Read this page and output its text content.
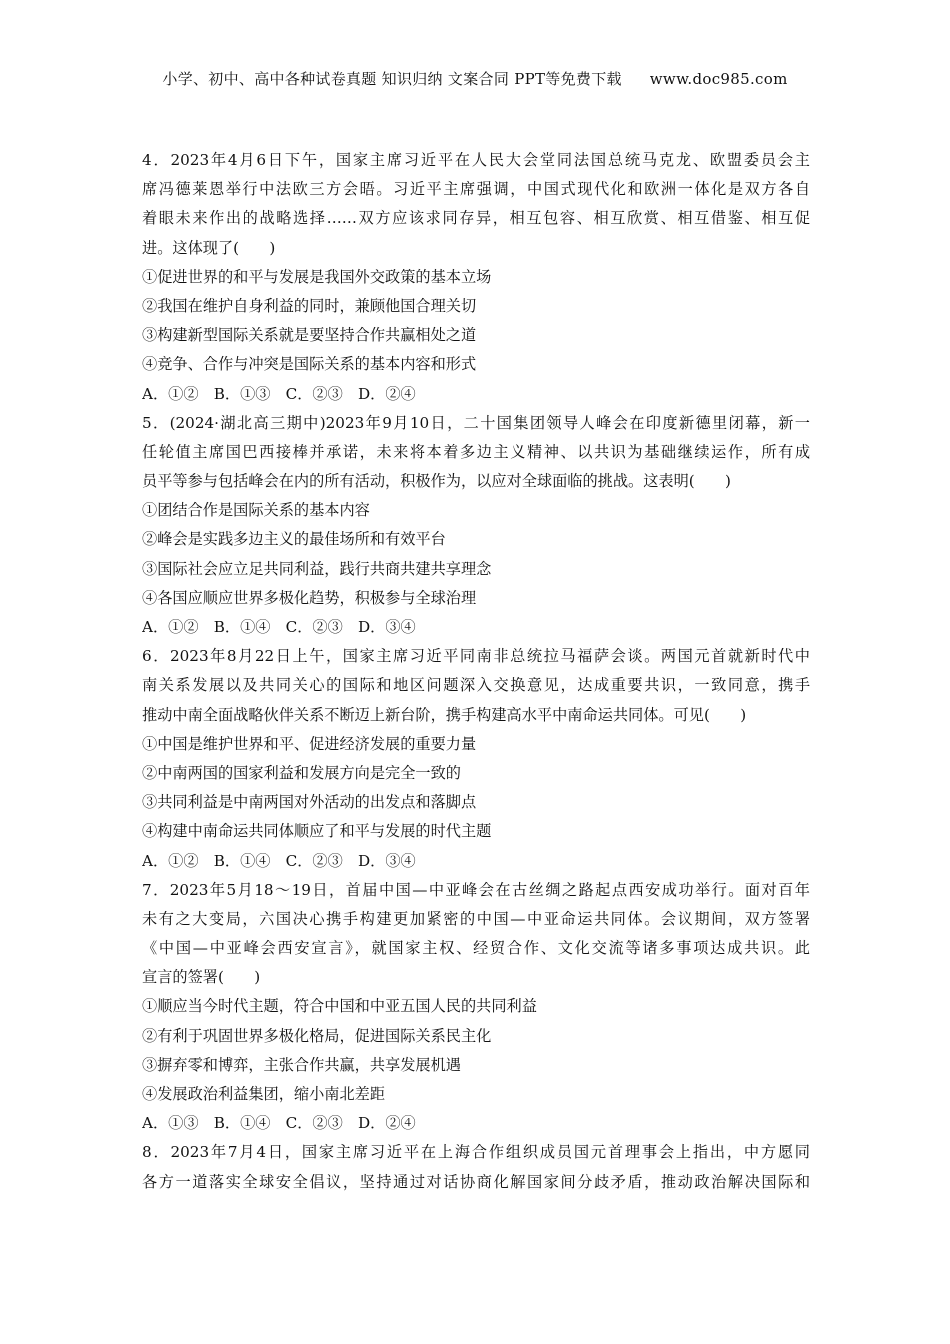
小学、初中、高中各种试卷真题 知识归纳 文案合同 PPT等免费下载 www.doc985.com
4．2023年4月6日下午，国家主席习近平在人民大会堂同法国总统马克龙、欧盟委员会主
席冯德莱恩举行中法欧三方会晤。习近平主席强调，中国式现代化和欧洲一体化是双方各自
着眼未来作出的战略选择……双方应该求同存异，相互包容、相互欣赏、相互借鉴、相互促
进。这体现了(　　)
①促进世界的和平与发展是我国外交政策的基本立场
②我国在维护自身利益的同时，兼顾他国合理关切
③构建新型国际关系就是要坚持合作共赢相处之道
④竞争、合作与冲突是国际关系的基本内容和形式
A．①②　B．①③　C．②③　D．②④
5．(2024·湖北高三期中)2023年9月10日，二十国集团领导人峰会在印度新德里闭幕，新一
任轮值主席国巴西接棒并承诺，未来将本着多边主义精神、以共识为基础继续运作，所有成
员平等参与包括峰会在内的所有活动，积极作为，以应对全球面临的挑战。这表明(　　)
①团结合作是国际关系的基本内容
②峰会是实践多边主义的最佳场所和有效平台
③国际社会应立足共同利益，践行共商共建共享理念
④各国应顺应世界多极化趋势，积极参与全球治理
A．①②　B．①④　C．②③　D．③④
6．2023年8月22日上午，国家主席习近平同南非总统拉马福萨会谈。两国元首就新时代中
南关系发展以及共同关心的国际和地区问题深入交换意见，达成重要共识，一致同意，携手
推动中南全面战略伙伴关系不断迈上新台阶，携手构建高水平中南命运共同体。可见(　　)
①中国是维护世界和平、促进经济发展的重要力量
②中南两国的国家利益和发展方向是完全一致的
③共同利益是中南两国对外活动的出发点和落脚点
④构建中南命运共同体顺应了和平与发展的时代主题
A．①②　B．①④　C．②③　D．③④
7．2023年5月18～19日，首届中国—中亚峰会在古丝绸之路起点西安成功举行。面对百年
未有之大变局，六国决心携手构建更加紧密的中国—中亚命运共同体。会议期间，双方签署
《中国—中亚峰会西安宣言》，就国家主权、经贸合作、文化交流等诸多事项达成共识。此
宣言的签署(　　)
①顺应当今时代主题，符合中国和中亚五国人民的共同利益
②有利于巩固世界多极化格局，促进国际关系民主化
③摒弃零和博弈，主张合作共赢，共享发展机遇
④发展政治利益集团，缩小南北差距
A．①③　B．①④　C．②③　D．②④
8．2023年7月4日，国家主席习近平在上海合作组织成员国元首理事会上指出，中方愿同
各方一道落实全球安全倡议，坚持通过对话协商化解国家间分歧矛盾，推动政治解决国际和
